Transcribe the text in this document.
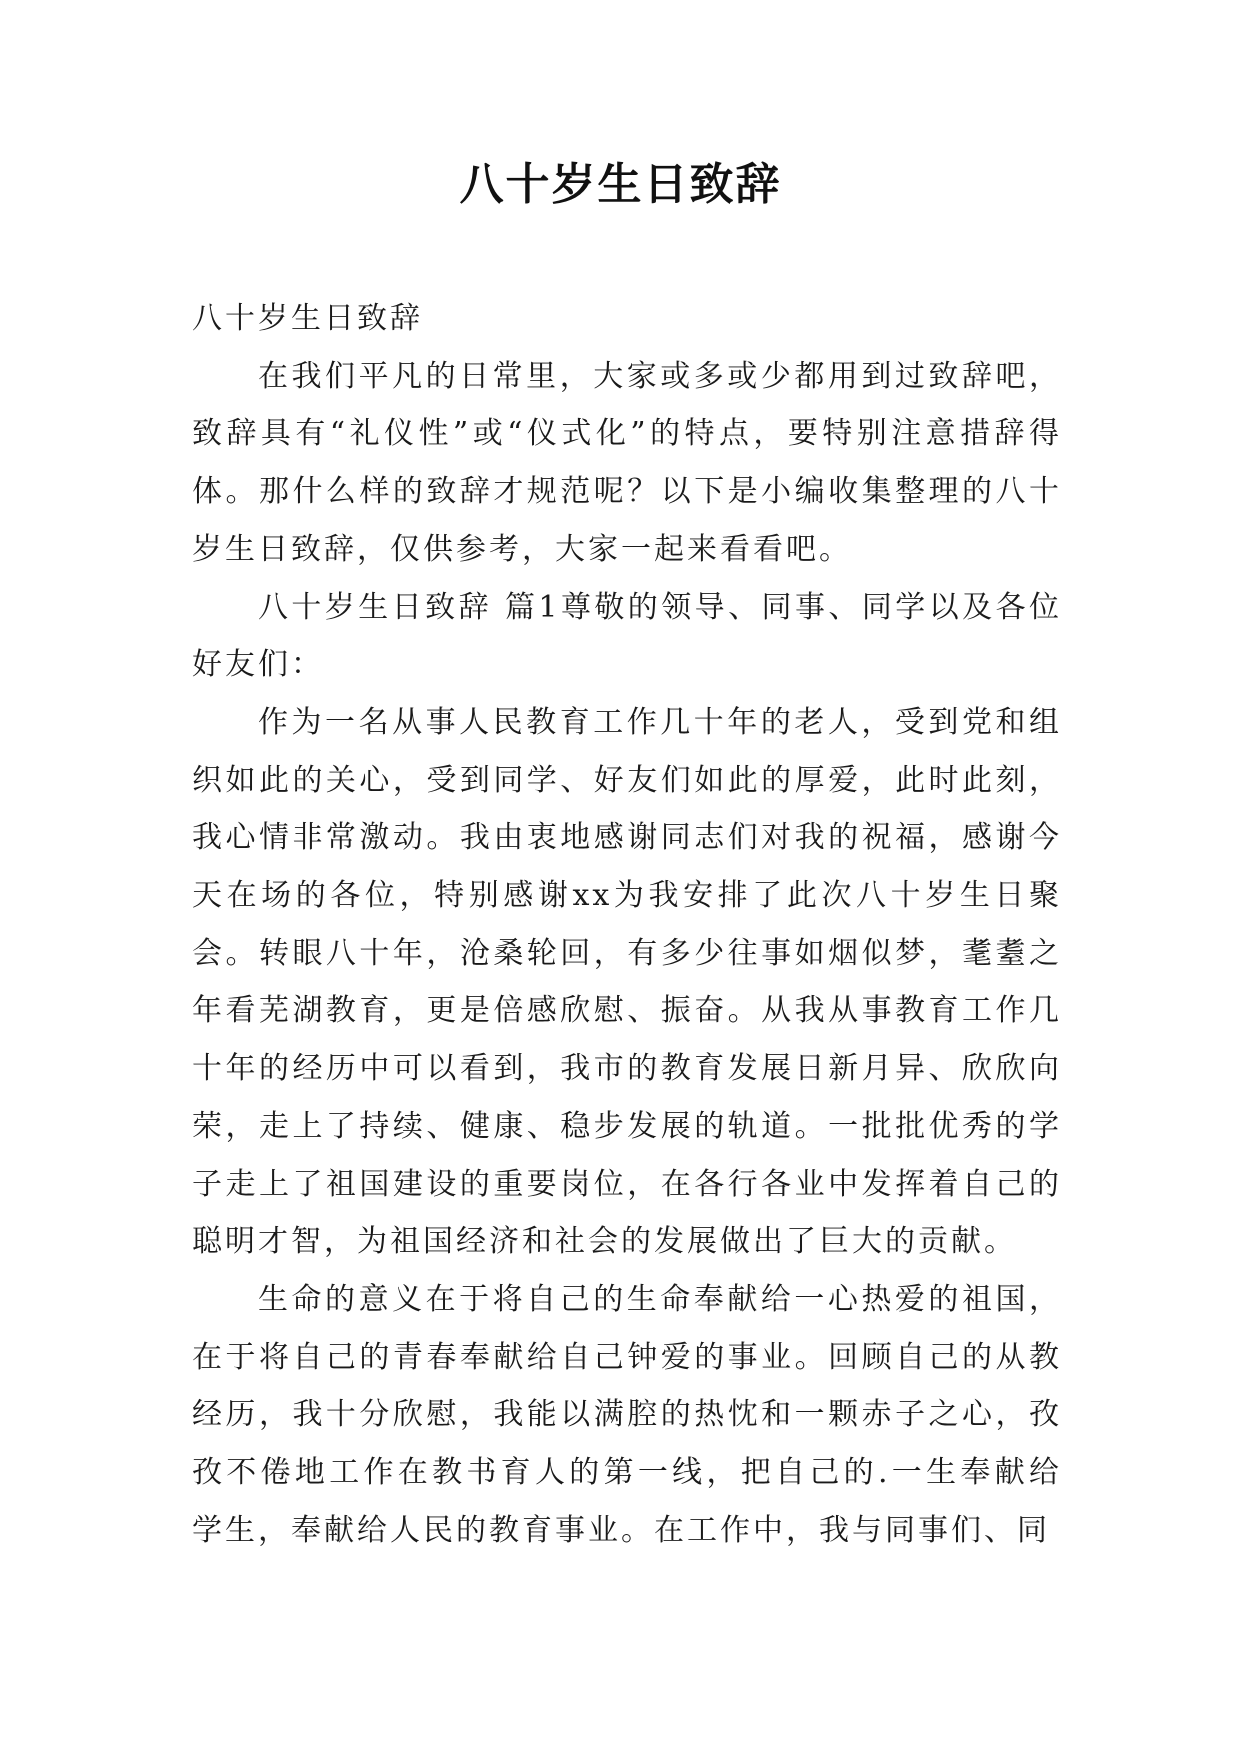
八十岁生日致辞

八十岁生日致辞

在我们平凡的日常里，大家或多或少都用到过致辞吧，致辞具有“礼仪性”或“仪式化”的特点，要特别注意措辞得体。那什么样的致辞才规范呢？以下是小编收集整理的八十岁生日致辞，仅供参考，大家一起来看看吧。

八十岁生日致辞 篇1尊敬的领导、同事、同学以及各位好友们：

作为一名从事人民教育工作几十年的老人，受到党和组织如此的关心，受到同学、好友们如此的厚爱，此时此刻，我心情非常激动。我由衷地感谢同志们对我的祝福，感谢今天在场的各位，特别感谢xx为我安排了此次八十岁生日聚会。转眼八十年，沧桑轮回，有多少往事如烟似梦，耄耋之年看芜湖教育，更是倍感欣慰、振奋。从我从事教育工作几十年的经历中可以看到，我市的教育发展日新月异、欣欣向荣，走上了持续、健康、稳步发展的轨道。一批批优秀的学子走上了祖国建设的重要岗位，在各行各业中发挥着自己的聪明才智，为祖国经济和社会的发展做出了巨大的贡献。

生命的意义在于将自己的生命奉献给一心热爱的祖国，在于将自己的青春奉献给自己钟爱的事业。回顾自己的从教经历，我十分欣慰，我能以满腔的热忱和一颗赤子之心，孜孜不倦地工作在教书育人的第一线，把自己的.一生奉献给学生，奉献给人民的教育事业。在工作中，我与同事们、同
